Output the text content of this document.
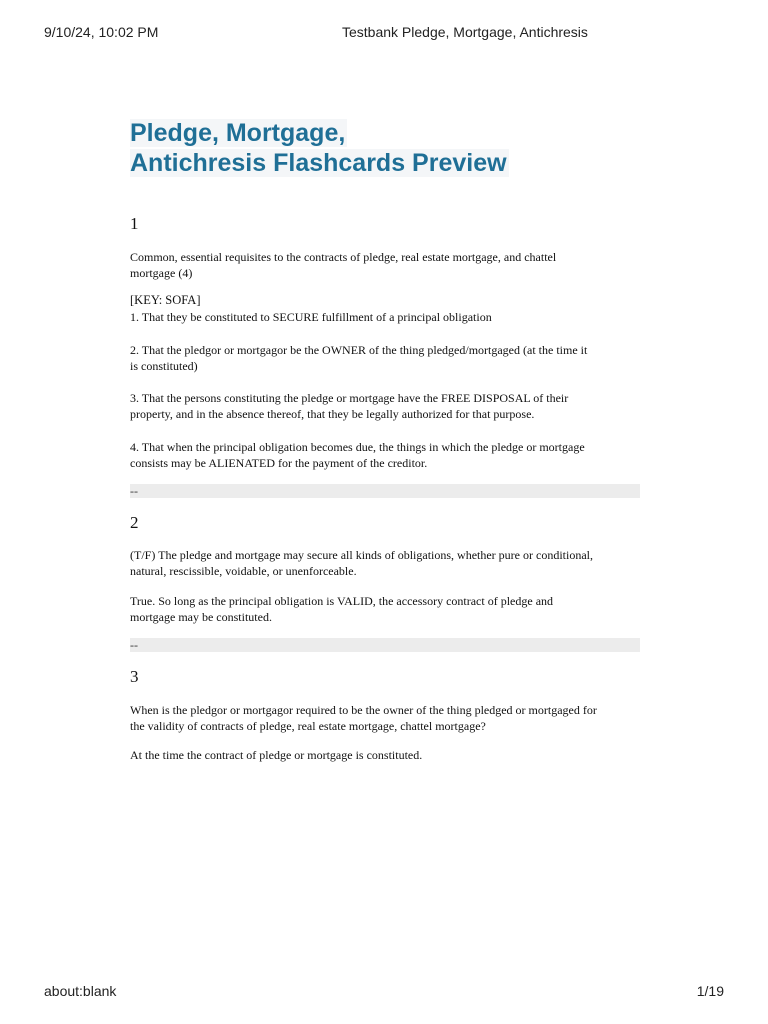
9/10/24, 10:02 PM	Testbank Pledge, Mortgage, Antichresis
Pledge, Mortgage,
Antichresis Flashcards Preview
1

Common, essential requisites to the contracts of pledge, real estate mortgage, and chattel
mortgage (4)

[KEY: SOFA]

1. That they be constituted to SECURE fulfillment of a principal obligation

2. That the pledgor or mortgagor be the OWNER of the thing pledged/mortgaged (at the time it
is constituted)

3. That the persons constituting the pledge or mortgage have the FREE DISPOSAL of their
property, and in the absence thereof, that they be legally authorized for that purpose.

4. That when the principal obligation becomes due, the things in which the pledge or mortgage
consists may be ALIENATED for the payment of the creditor.

--
2

(T/F) The pledge and mortgage may secure all kinds of obligations, whether pure or conditional,
natural, rescissible, voidable, or unenforceable.

True. So long as the principal obligation is VALID, the accessory contract of pledge and
mortgage may be constituted.

--
3

When is the pledgor or mortgagor required to be the owner of the thing pledged or mortgaged for
the validity of contracts of pledge, real estate mortgage, chattel mortgage?

At the time the contract of pledge or mortgage is constituted.

about:blank	1/19
